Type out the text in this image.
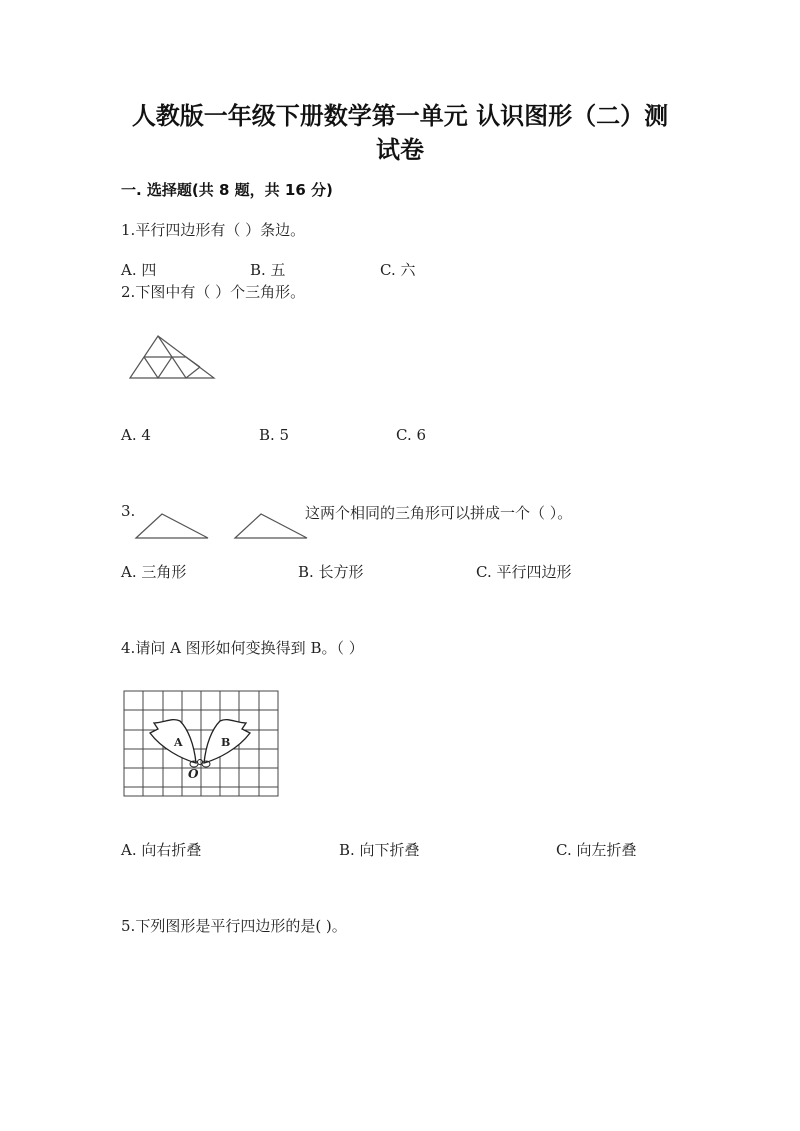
人教版一年级下册数学第一单元 认识图形（二）测
试卷
一. 选择题(共 8 题，共 16 分)
1.平行四边形有（ ）条边。
A. 四	B. 五	C. 六
2.下图中有（ ）个三角形。
A. 4	B. 5	C. 6
3.	这两个相同的三角形可以拼成一个（ ）。
A. 三角形	B. 长方形	C. 平行四边形
4.请问 A 图形如何变换得到 B。（ ）
A	B
O
A. 向右折叠	B. 向下折叠	C. 向左折叠
5.下列图形是平行四边形的是( )。
